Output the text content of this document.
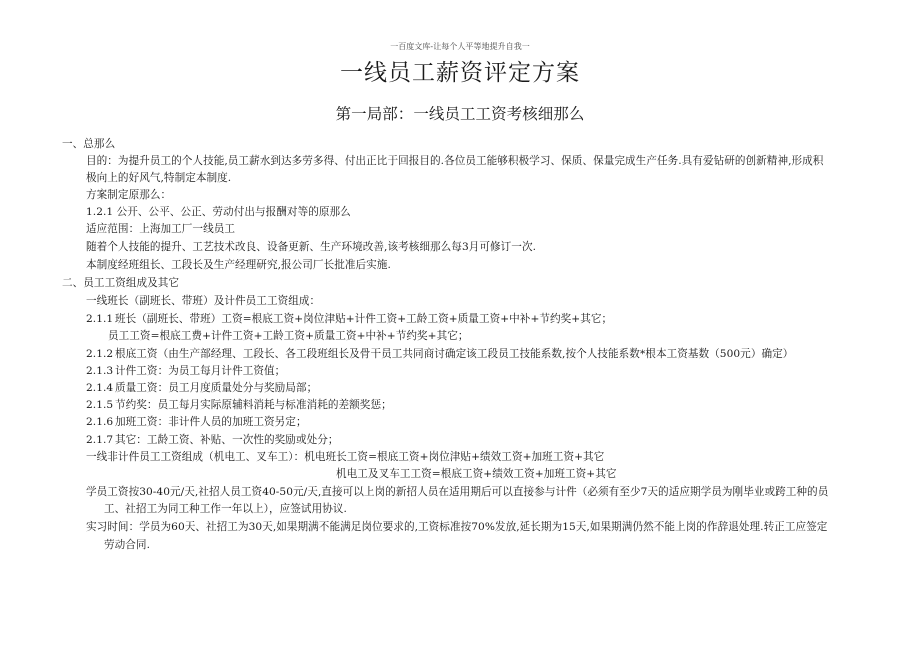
一百度文库-让每个人平等地提升自我一
一线员工薪资评定方案
第一局部：一线员工工资考核细那么
一、总那么
目的：为提升员工的个人技能,员工薪水到达多劳多得、付出正比于回报目的.各位员工能够积极学习、保质、保量完成生产任务.具有爱钻研的创新精神,形成积
极向上的好风气,特制定本制度.
方案制定原那么：
1.2.1 公开、公平、公正、劳动付出与报酬对等的原那么
适应范围：上海加工厂一线员工
随着个人技能的提升、工艺技术改良、设备更新、生产环境改善,该考核细那么每3月可修订一次.
本制度经班组长、工段长及生产经理研究,报公司厂长批准后实施.
二、员工工资组成及其它
一线班长（副班长、带班）及计件员工工资组成：
2.1.1 班长（副班长、带班）工资=根底工资+岗位津贴+计件工资+工龄工资+质量工资+中补+节约奖+其它；
员工工资=根底工费+计件工资+工龄工资+质量工资+中补+节约奖+其它；
2.1.2 根底工资（由生产部经理、工段长、各工段班组长及骨干员工共同商讨确定该工段员工技能系数,按个人技能系数*根本工资基数（500元）确定）
2.1.3 计件工资：为员工每月计件工资值；
2.1.4 质量工资：员工月度质量处分与奖励局部；
2.1.5 节约奖：员工每月实际原辅料消耗与标准消耗的差额奖惩；
2.1.6 加班工资：非计件人员的加班工资另定；
2.1.7 其它：工龄工资、补贴、一次性的奖励或处分；
一线非计件员工工资组成（机电工、叉车工）：机电班长工资=根底工资+岗位津贴+绩效工资+加班工资+其它
机电工及叉车工工资=根底工资+绩效工资+加班工资+其它
学员工资按30-40元/天,社招人员工资40-50元/天,直接可以上岗的新招人员在适用期后可以直接参与计件（必须有至少7天的适应期学员为刚毕业或跨工种的员
工、社招工为同工种工作一年以上），应签试用协议.
实习时间：学员为60天、社招工为30天,如果期满不能满足岗位要求的,工资标准按70%发放,延长期为15天,如果期满仍然不能上岗的作辞退处理.转正工应签定
劳动合同.
